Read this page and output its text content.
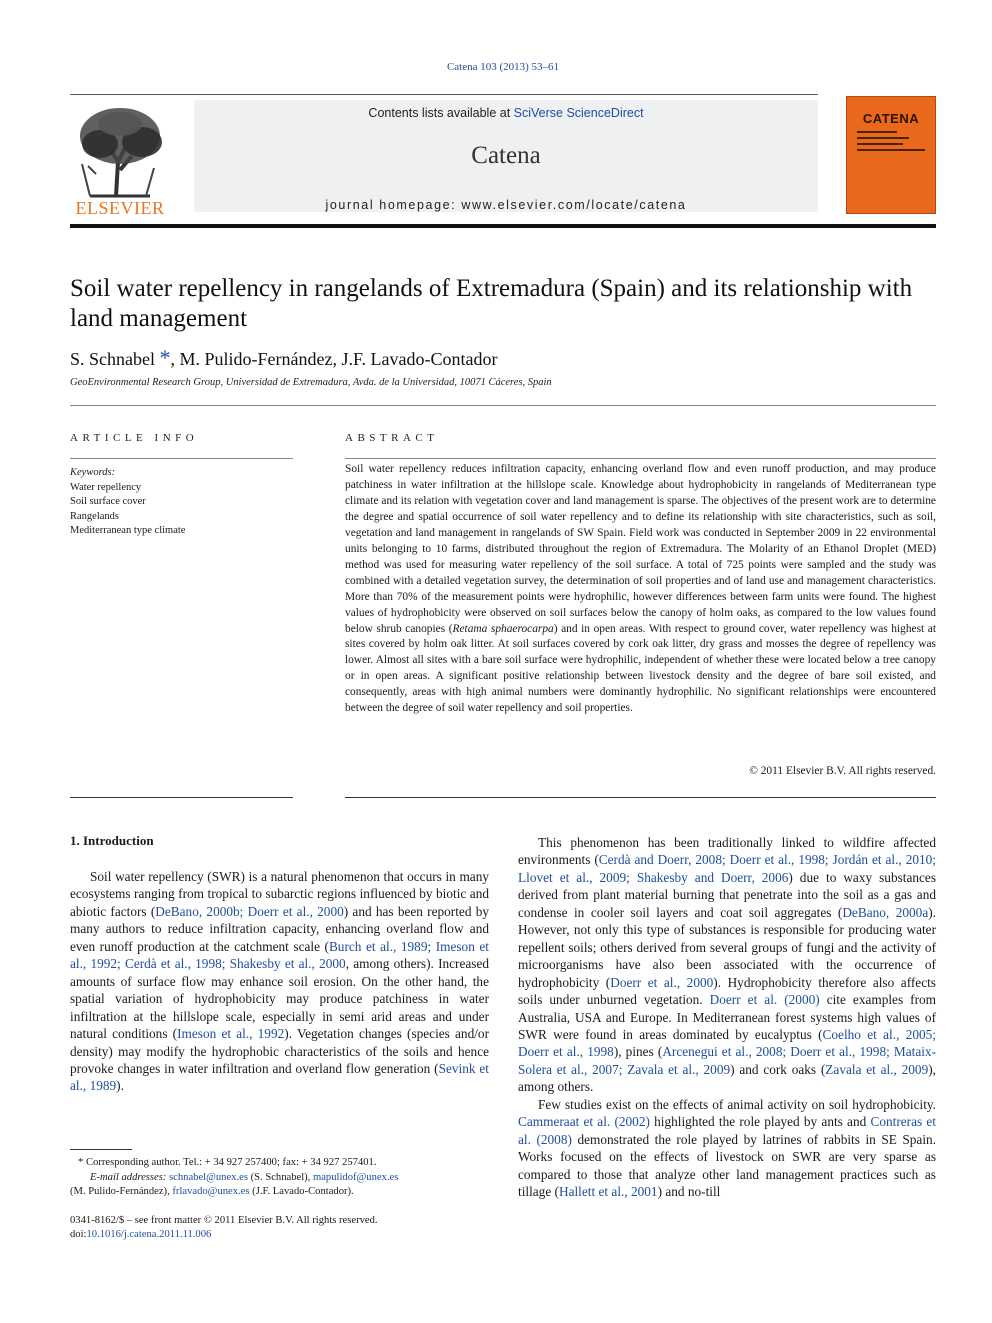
Catena 103 (2013) 53–61
ELSEVIER
Contents lists available at SciVerse ScienceDirect
Catena
journal homepage: www.elsevier.com/locate/catena
CATENA
Soil water repellency in rangelands of Extremadura (Spain) and its relationship with land management
S. Schnabel *, M. Pulido-Fernández, J.F. Lavado-Contador
GeoEnvironmental Research Group, Universidad de Extremadura, Avda. de la Universidad, 10071 Cáceres, Spain
ARTICLE INFO	ABSTRACT
Keywords:
Water repellency
Soil surface cover
Rangelands
Mediterranean type climate
Soil water repellency reduces infiltration capacity, enhancing overland flow and even runoff production, and may produce patchiness in water infiltration at the hillslope scale. Knowledge about hydrophobicity in rangelands of Mediterranean type climate and its relation with vegetation cover and land management is sparse. The objectives of the present work are to determine the degree and spatial occurrence of soil water repellency and to define its relationship with site characteristics, such as soil, vegetation and land management in rangelands of SW Spain. Field work was conducted in September 2009 in 22 environmental units belonging to 10 farms, distributed throughout the region of Extremadura. The Molarity of an Ethanol Droplet (MED) method was used for measuring water repellency of the soil surface. A total of 725 points were sampled and the study was combined with a detailed vegetation survey, the determination of soil properties and of land use and management characteristics. More than 70% of the measurement points were hydrophilic, however differences between farm units were found. The highest values of hydrophobicity were observed on soil surfaces below the canopy of holm oaks, as compared to the low values found below shrub canopies (Retama sphaerocarpa) and in open areas. With respect to ground cover, water repellency was highest at sites covered by holm oak litter. At soil surfaces covered by cork oak litter, dry grass and mosses the degree of repellency was lower. Almost all sites with a bare soil surface were hydrophilic, independent of whether these were located below a tree canopy or in open areas. A significant positive relationship between livestock density and the degree of bare soil existed, and consequently, areas with high animal numbers were dominantly hydrophilic. No significant relationships were encountered between the degree of soil water repellency and soil properties.
© 2011 Elsevier B.V. All rights reserved.
1. Introduction

Soil water repellency (SWR) is a natural phenomenon that occurs in many ecosystems ranging from tropical to subarctic regions influenced by biotic and abiotic factors (DeBano, 2000b; Doerr et al., 2000) and has been reported by many authors to reduce infiltration capacity, enhancing overland flow and even runoff production at the catchment scale (Burch et al., 1989; Imeson et al., 1992; Cerdà et al., 1998; Shakesby et al., 2000, among others). Increased amounts of surface flow may enhance soil erosion. On the other hand, the spatial variation of hydrophobicity may produce patchiness in water infiltration at the hillslope scale, especially in semi arid areas and under natural conditions (Imeson et al., 1992). Vegetation changes (species and/or density) may modify the hydrophobic characteristics of the soils and hence provoke changes in water infiltration and overland flow generation (Sevink et al., 1989).

This phenomenon has been traditionally linked to wildfire affected environments (Cerdà and Doerr, 2008; Doerr et al., 1998; Jordán et al., 2010; Llovet et al., 2009; Shakesby and Doerr, 2006) due to waxy substances derived from plant material burning that penetrate into the soil as a gas and condense in cooler soil layers and coat soil aggregates (DeBano, 2000a). However, not only this type of substances is responsible for producing water repellent soils; others derived from several groups of fungi and the activity of microorganisms have also been associated with the occurrence of hydrophobicity (Doerr et al., 2000). Hydrophobicity therefore also affects soils under unburned vegetation. Doerr et al. (2000) cite examples from Australia, USA and Europe. In Mediterranean forest systems high values of SWR were found in areas dominated by eucalyptus (Coelho et al., 2005; Doerr et al., 1998), pines (Arcenegui et al., 2008; Doerr et al., 1998; Mataix-Solera et al., 2007; Zavala et al., 2009) and cork oaks (Zavala et al., 2009), among others.

Few studies exist on the effects of animal activity on soil hydrophobicity. Cammeraat et al. (2002) highlighted the role played by ants and Contreras et al. (2008) demonstrated the role played by latrines of rabbits in SE Spain. Works focused on the effects of livestock on SWR are very sparse as compared to those that analyze other land management practices such as tillage (Hallett et al., 2001) and no-till

* Corresponding author. Tel.: + 34 927 257400; fax: + 34 927 257401.
E-mail addresses: schnabel@unex.es (S. Schnabel), mapulidof@unex.es
(M. Pulido-Fernández), frlavado@unex.es (J.F. Lavado-Contador).
0341-8162/$ – see front matter © 2011 Elsevier B.V. All rights reserved.
doi:10.1016/j.catena.2011.11.006
